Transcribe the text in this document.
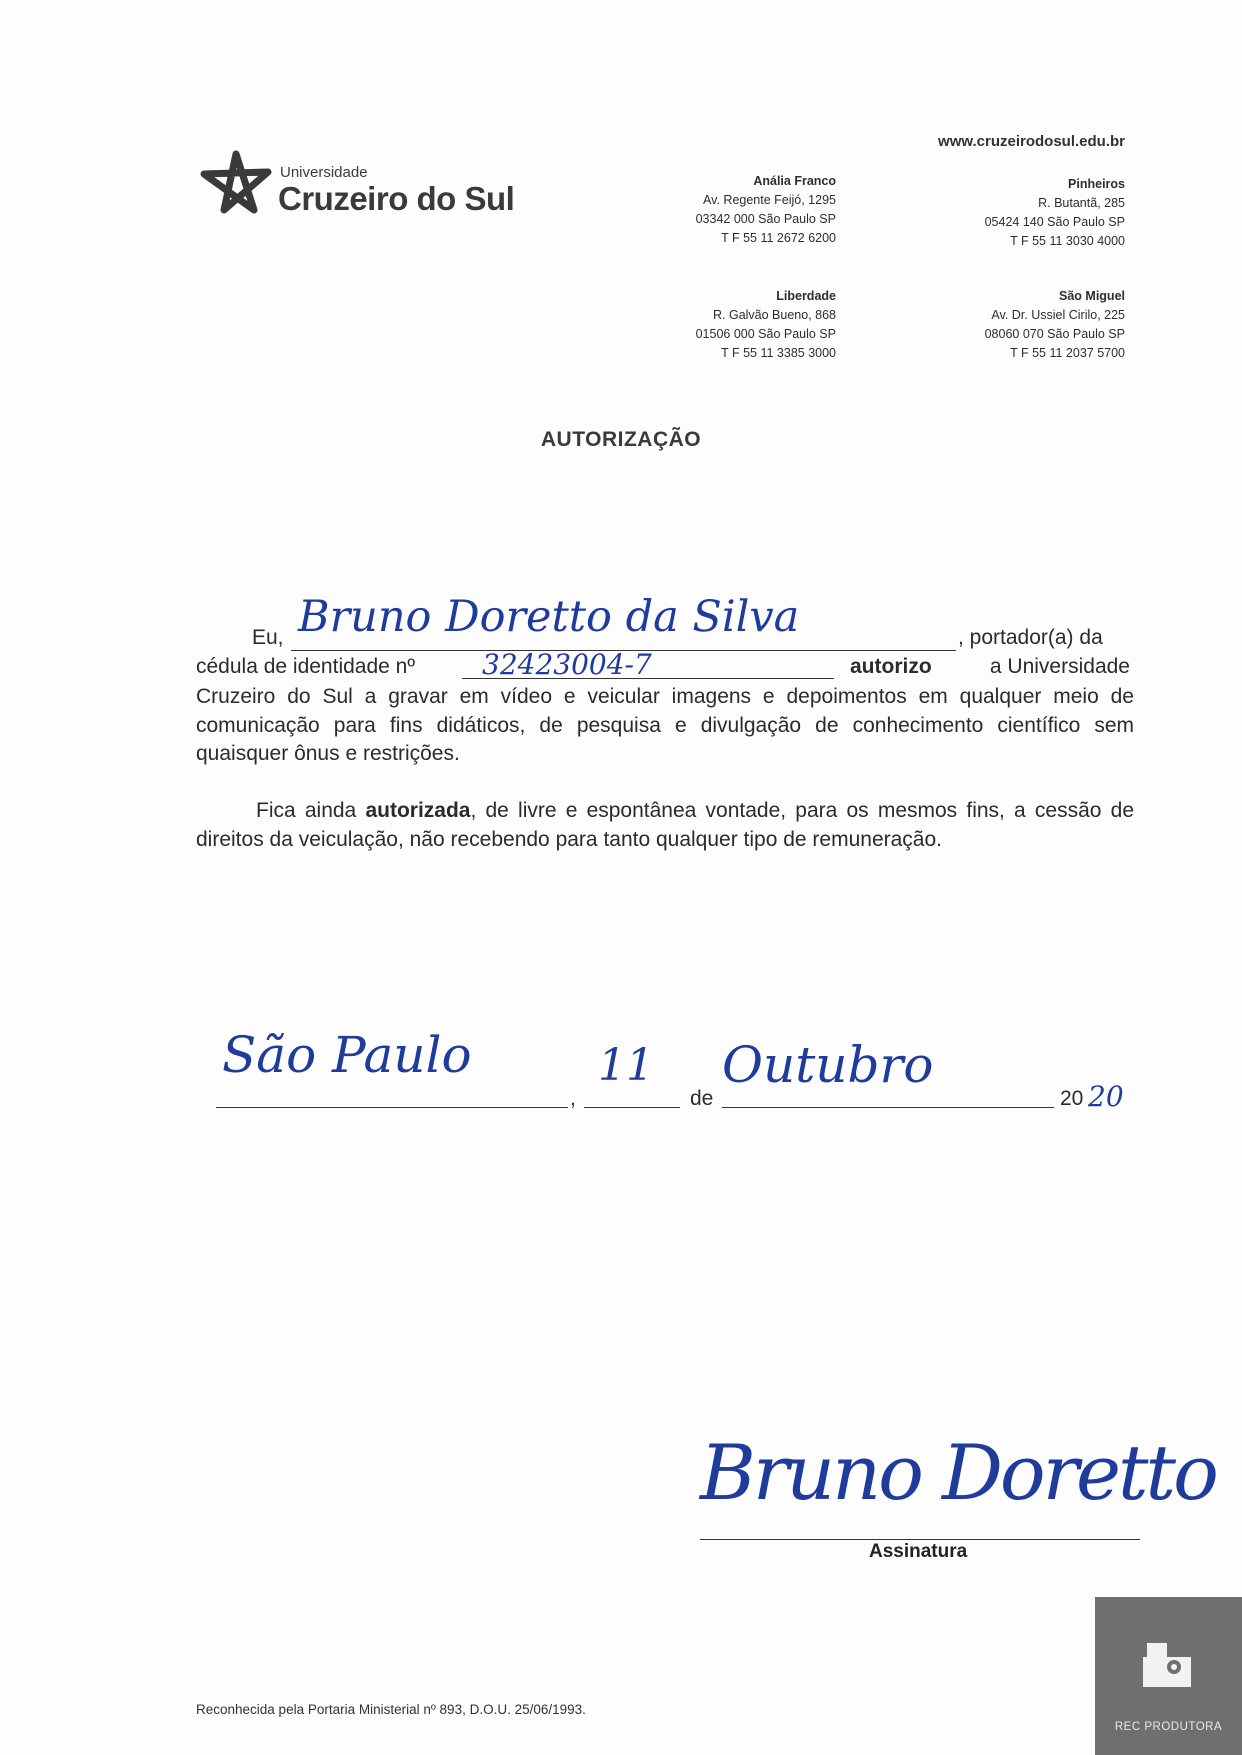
Universidade
Cruzeiro do Sul
www.cruzeirodosul.edu.br
Anália Franco
Av. Regente Feijó, 1295
03342 000 São Paulo SP
T F 55 11 2672 6200
Pinheiros
R. Butantã, 285
05424 140 São Paulo SP
T F 55 11 3030 4000
Liberdade
R. Galvão Bueno, 868
01506 000 São Paulo SP
T F 55 11 3385 3000
São Miguel
Av. Dr. Ussiel Cirilo, 225
08060 070 São Paulo SP
T F 55 11 2037 5700
AUTORIZAÇÃO
Eu, Bruno Doretto da Silva	, portador(a) da
cédula de identidade nº 32423004-7	autorizo	a Universidade
Cruzeiro do Sul a gravar em vídeo e veicular imagens e depoimentos em qualquer meio de comunicação para fins didáticos, de pesquisa e divulgação de conhecimento científico sem quaisquer ônus e restrições.
Fica ainda autorizada, de livre e espontânea vontade, para os mesmos fins, a cessão de direitos da veiculação, não recebendo para tanto qualquer tipo de remuneração.
São Paulo
,
11
de
Outubro
20 20
Bruno Doretto
Assinatura
Reconhecida pela Portaria Ministerial nº 893, D.O.U. 25/06/1993.
REC PRODUTORA
